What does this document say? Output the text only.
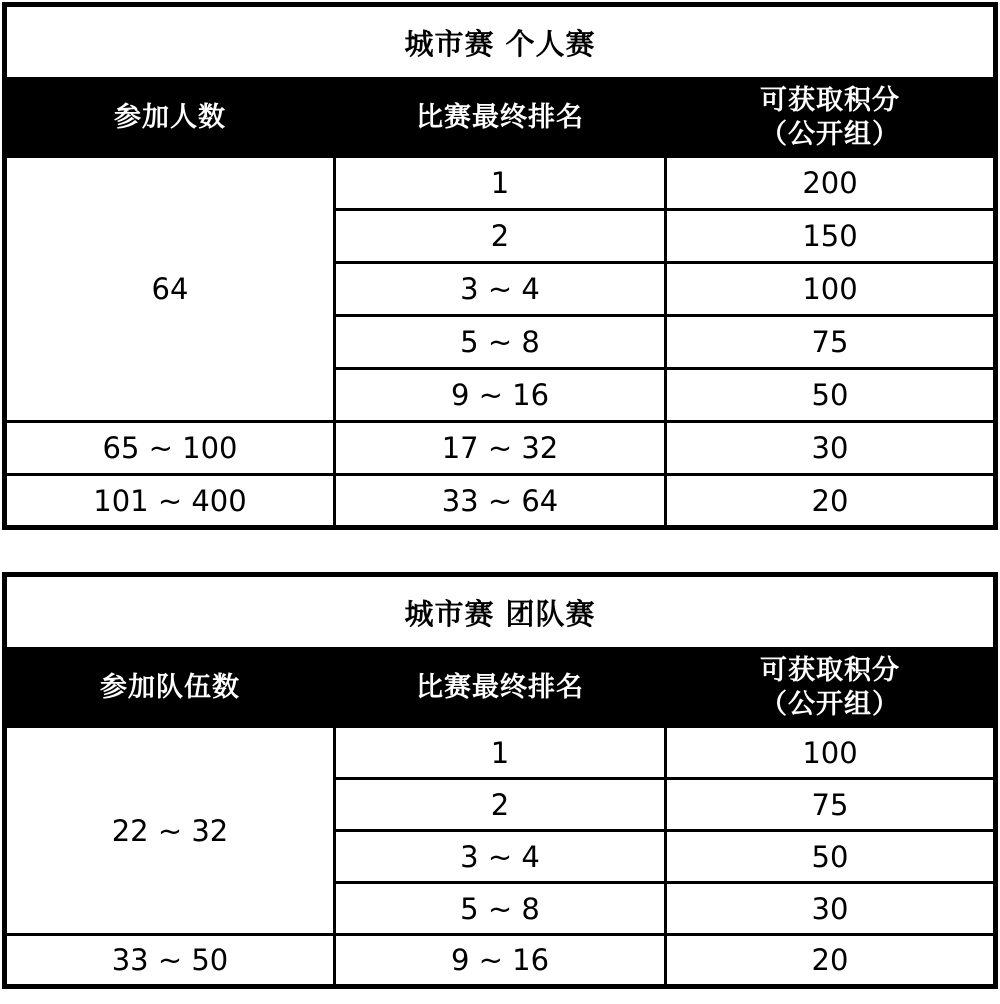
城市赛 个人赛		
参加人数	比赛最终排名	可获取积分
（公开组）

64	1	200
	2	150
	3 ~ 4	100
	5 ~ 8	75
	9 ~ 16	50
65 ~ 100	17 ~ 32	30
101 ~ 400	33 ~ 64	20
城市赛 团队赛		
参加队伍数	比赛最终排名	可获取积分
（公开组）

22 ~ 32	1	100
	2	75
	3 ~ 4	50
	5 ~ 8	30
33 ~ 50	9 ~ 16	20
